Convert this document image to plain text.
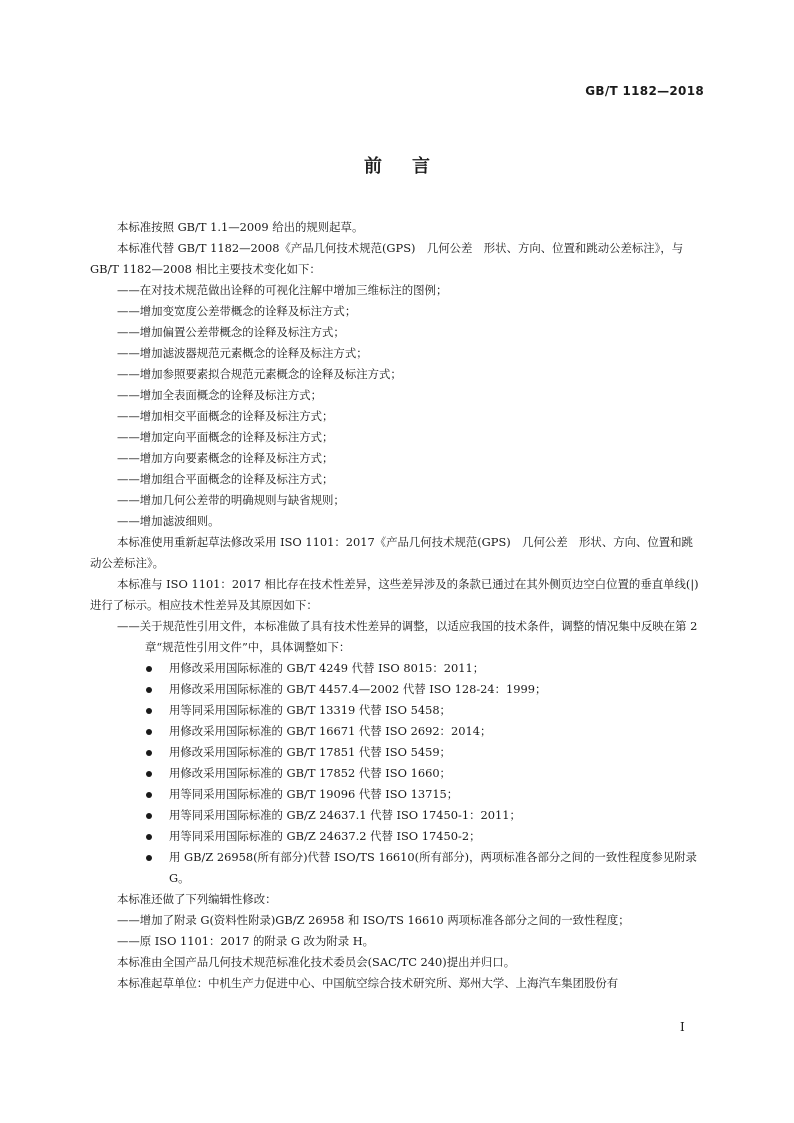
GB/T 1182—2018
前言

本标准按照 GB/T 1.1—2009 给出的规则起草。

本标准代替 GB/T 1182—2008《产品几何技术规范(GPS)　几何公差　形状、方向、位置和跳动公差标注》，与 GB/T 1182—2008 相比主要技术变化如下：

——在对技术规范做出诠释的可视化注解中增加三维标注的图例；

——增加变宽度公差带概念的诠释及标注方式；

——增加偏置公差带概念的诠释及标注方式；

——增加滤波器规范元素概念的诠释及标注方式；

——增加参照要素拟合规范元素概念的诠释及标注方式；

——增加全表面概念的诠释及标注方式；

——增加相交平面概念的诠释及标注方式；

——增加定向平面概念的诠释及标注方式；

——增加方向要素概念的诠释及标注方式；

——增加组合平面概念的诠释及标注方式；

——增加几何公差带的明确规则与缺省规则；

——增加滤波细则。

本标准使用重新起草法修改采用 ISO 1101：2017《产品几何技术规范(GPS)　几何公差　形状、方向、位置和跳动公差标注》。

本标准与 ISO 1101：2017 相比存在技术性差异，这些差异涉及的条款已通过在其外侧页边空白位置的垂直单线(|)进行了标示。相应技术性差异及其原因如下：

——关于规范性引用文件，本标准做了具有技术性差异的调整，以适应我国的技术条件，调整的情况集中反映在第 2 章“规范性引用文件”中，具体调整如下：

用修改采用国际标准的 GB/T 4249 代替 ISO 8015：2011；

用修改采用国际标准的 GB/T 4457.4—2002 代替 ISO 128-24：1999；

用等同采用国际标准的 GB/T 13319 代替 ISO 5458；

用修改采用国际标准的 GB/T 16671 代替 ISO 2692：2014；

用修改采用国际标准的 GB/T 17851 代替 ISO 5459；

用修改采用国际标准的 GB/T 17852 代替 ISO 1660；

用等同采用国际标准的 GB/T 19096 代替 ISO 13715；

用等同采用国际标准的 GB/Z 24637.1 代替 ISO 17450-1：2011；

用等同采用国际标准的 GB/Z 24637.2 代替 ISO 17450-2；

用 GB/Z 26958(所有部分)代替 ISO/TS 16610(所有部分)，两项标准各部分之间的一致性程度参见附录 G。

本标准还做了下列编辑性修改：

——增加了附录 G(资料性附录)GB/Z 26958 和 ISO/TS 16610 两项标准各部分之间的一致性程度；

——原 ISO 1101：2017 的附录 G 改为附录 H。

本标准由全国产品几何技术规范标准化技术委员会(SAC/TC 240)提出并归口。

本标准起草单位：中机生产力促进中心、中国航空综合技术研究所、郑州大学、上海汽车集团股份有

I
